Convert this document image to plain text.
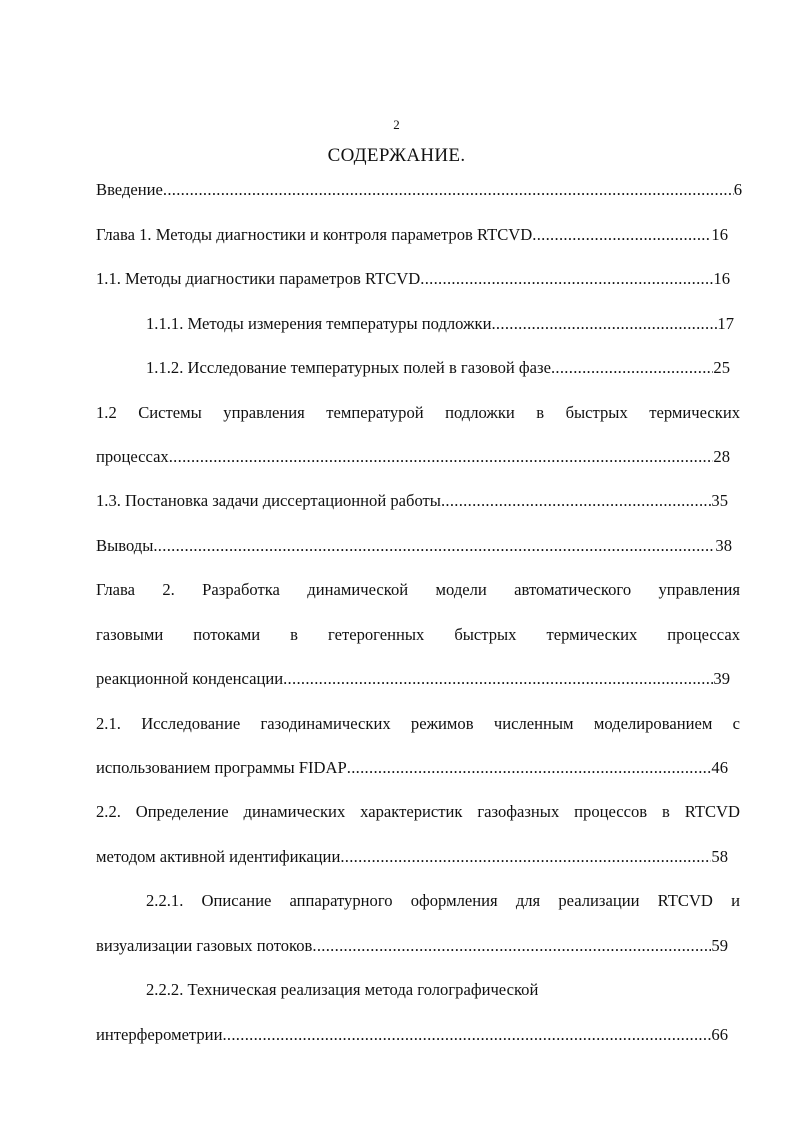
2
СОДЕРЖАНИЕ.
Введение .....	6
Глава 1. Методы диагностики и контроля параметров RTCVD .....	16
1.1. Методы диагностики параметров RTCVD .....	16
1.1.1. Методы измерения температуры подложки .....	17
1.1.2. Исследование температурных полей в газовой фазе .....	25
1.2 Системы управления температурой подложки в быстрых термических
процессах .....	28
1.3. Постановка задачи диссертационной работы .....	35
Выводы .....	38
Глава 2. Разработка динамической модели автоматического управления
газовыми потоками в гетерогенных быстрых термических процессах
реакционной конденсации .....	39
2.1. Исследование газодинамических режимов численным моделированием с
использованием программы FIDAP .....	46
2.2. Определение динамических характеристик газофазных процессов в RTCVD
методом активной идентификации .....	58
2.2.1. Описание аппаратурного оформления для реализации RTCVD и
визуализации газовых потоков .....	59
2.2.2. Техническая реализация метода голографической
интерферометрии .....	66
